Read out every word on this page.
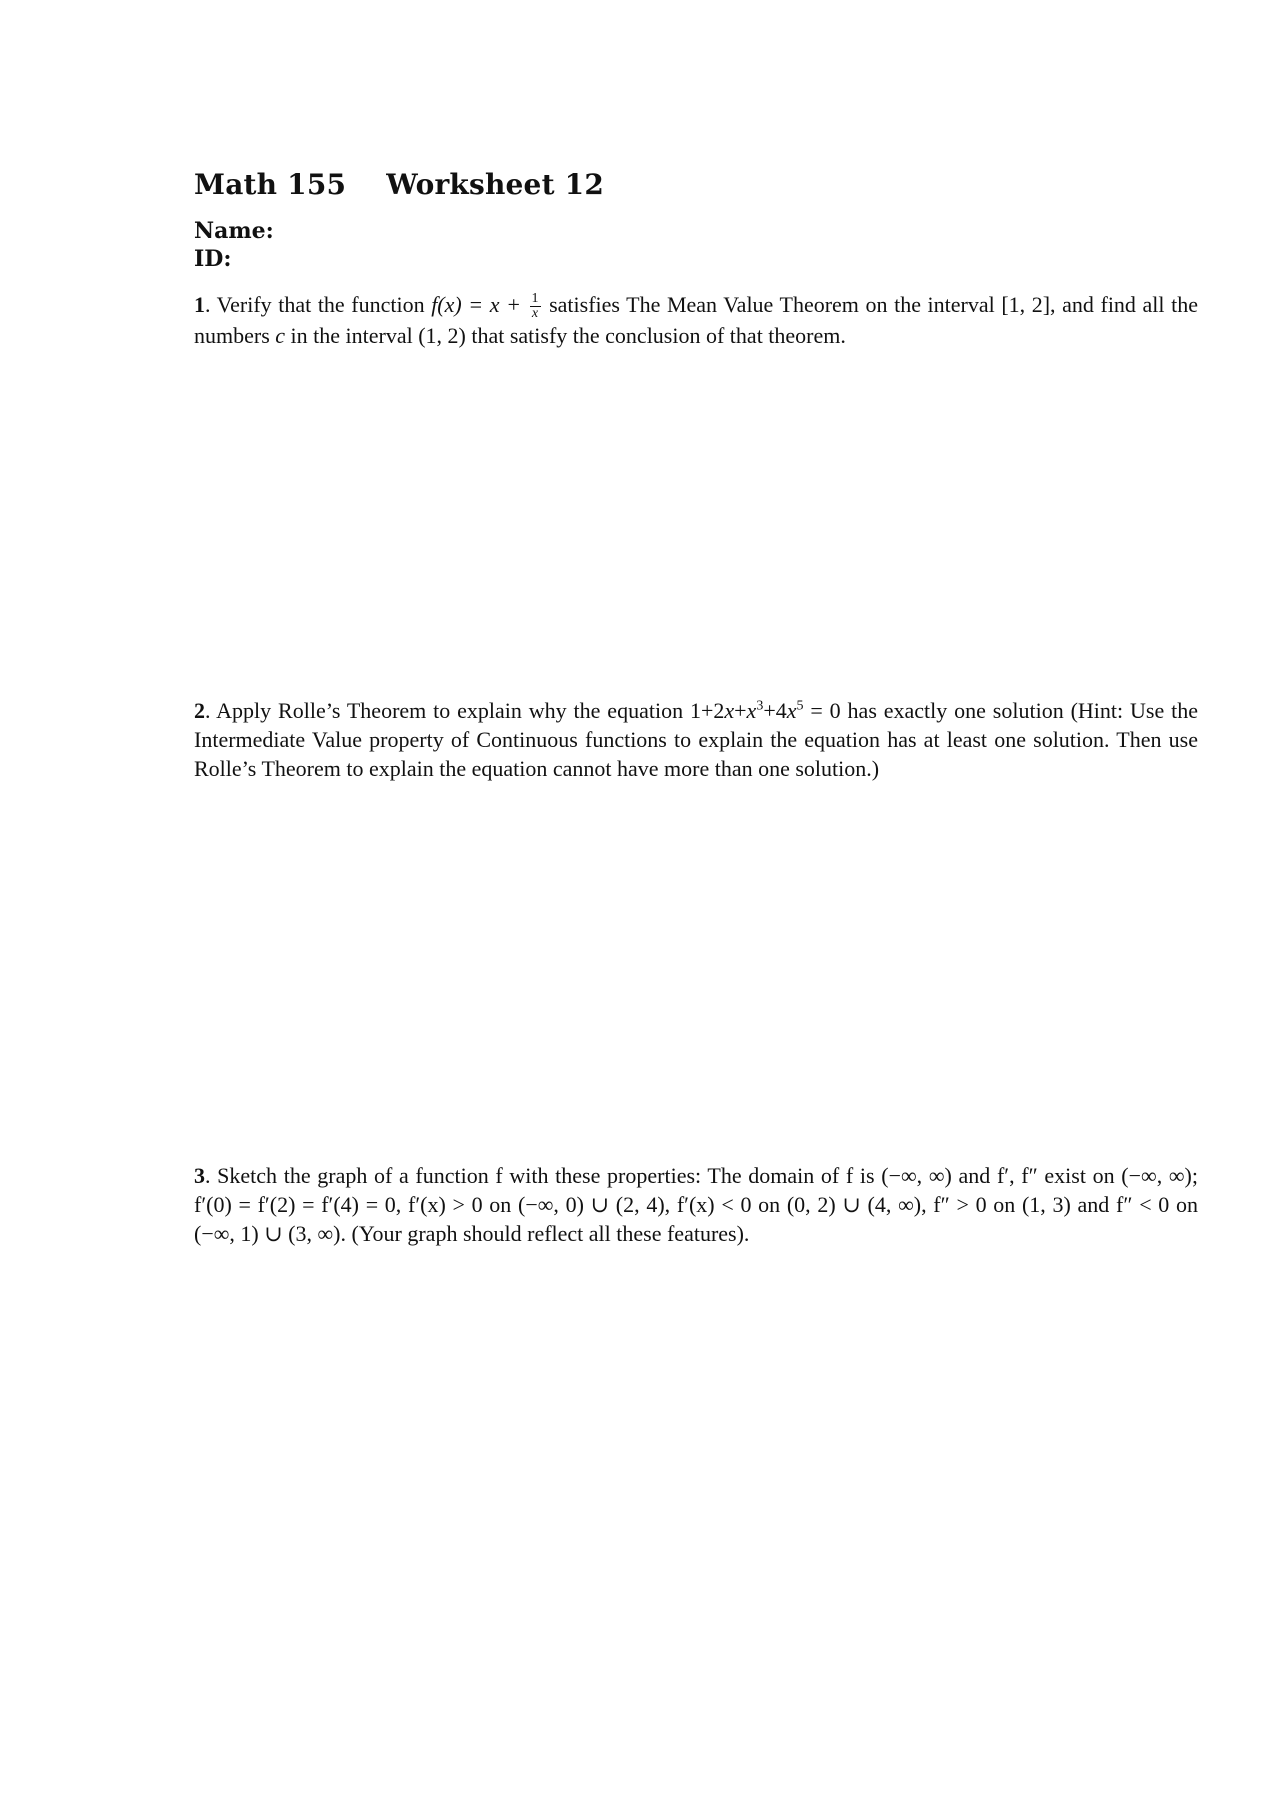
Math 155 Worksheet 12
Name:
ID:
1. Verify that the function $f(x) = x + \frac{1}{x}$ satisfies The Mean Value Theorem on the interval [1, 2], and find all the numbers c in the interval (1, 2) that satisfy the conclusion of that theorem.
2. Apply Rolle’s Theorem to explain why the equation $1+2x+x^3+4x^5 = 0$ has exactly one solution (Hint: Use the Intermediate Value property of Continuous functions to explain the equation has at least one solution. Then use Rolle’s Theorem to explain the equation cannot have more than one solution.)
3. Sketch the graph of a function f with these properties: The domain of f is (−∞, ∞) and f′, f″ exist on (−∞, ∞); f′(0) = f′(2) = f′(4) = 0, f′(x) > 0 on (−∞, 0) ∪ (2, 4), f′(x) < 0 on (0, 2) ∪ (4, ∞), f″ > 0 on (1, 3) and f″ < 0 on (−∞, 1) ∪ (3, ∞). (Your graph should reflect all these features).
